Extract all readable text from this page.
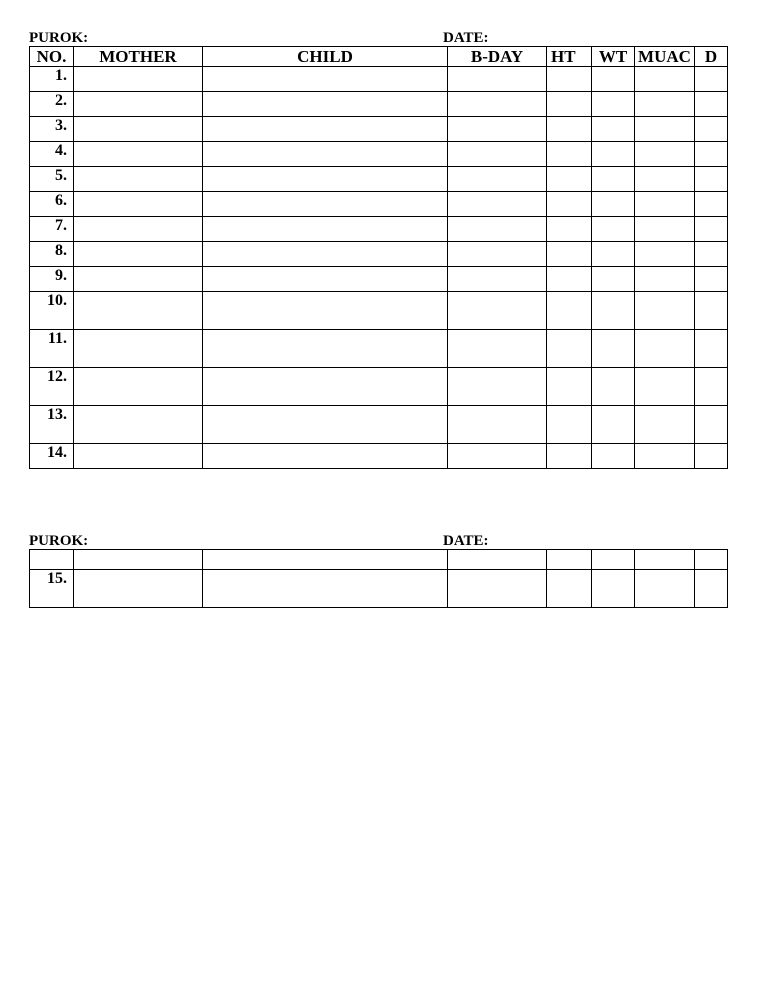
PUROK:	DATE:
NO.	MOTHER	CHILD	B-DAY	HT	WT	MUAC	D
1.							
2.							
3.							
4.							
5.							
6.							
7.							
8.							
9.							
10.							
11.							
12.							
13.							
14.							
PUROK:	DATE:

15.							
